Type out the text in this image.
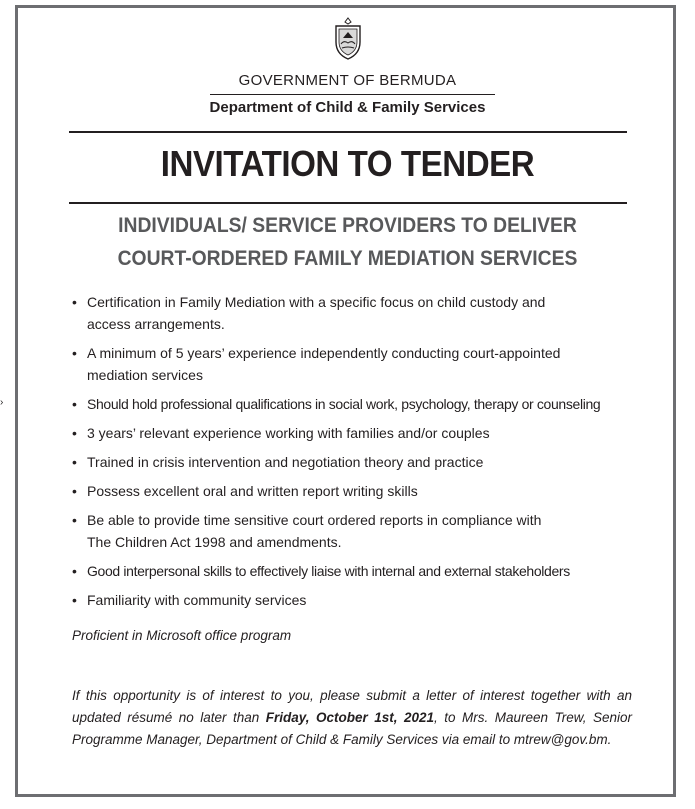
›
GOVERNMENT OF BERMUDA
Department of Child & Family Services
INVITATION TO TENDER
INDIVIDUALS/ SERVICE PROVIDERS TO DELIVER
COURT-ORDERED FAMILY MEDIATION SERVICES
• Certification in Family Mediation with a specific focus on child custody and
access arrangements.
• A minimum of 5 years’ experience independently conducting court-appointed
mediation services
• Should hold professional qualifications in social work, psychology, therapy or counseling
• 3 years’ relevant experience working with families and/or couples
• Trained in crisis intervention and negotiation theory and practice
• Possess excellent oral and written report writing skills
• Be able to provide time sensitive court ordered reports in compliance with
The Children Act 1998 and amendments.
• Good interpersonal skills to effectively liaise with internal and external stakeholders
• Familiarity with community services
Proficient in Microsoft office program
If this opportunity is of interest to you, please submit a letter of interest together with an updated résumé no later than Friday, October 1st, 2021, to Mrs. Maureen Trew, Senior Programme Manager, Department of Child & Family Services via email to mtrew@gov.bm.
